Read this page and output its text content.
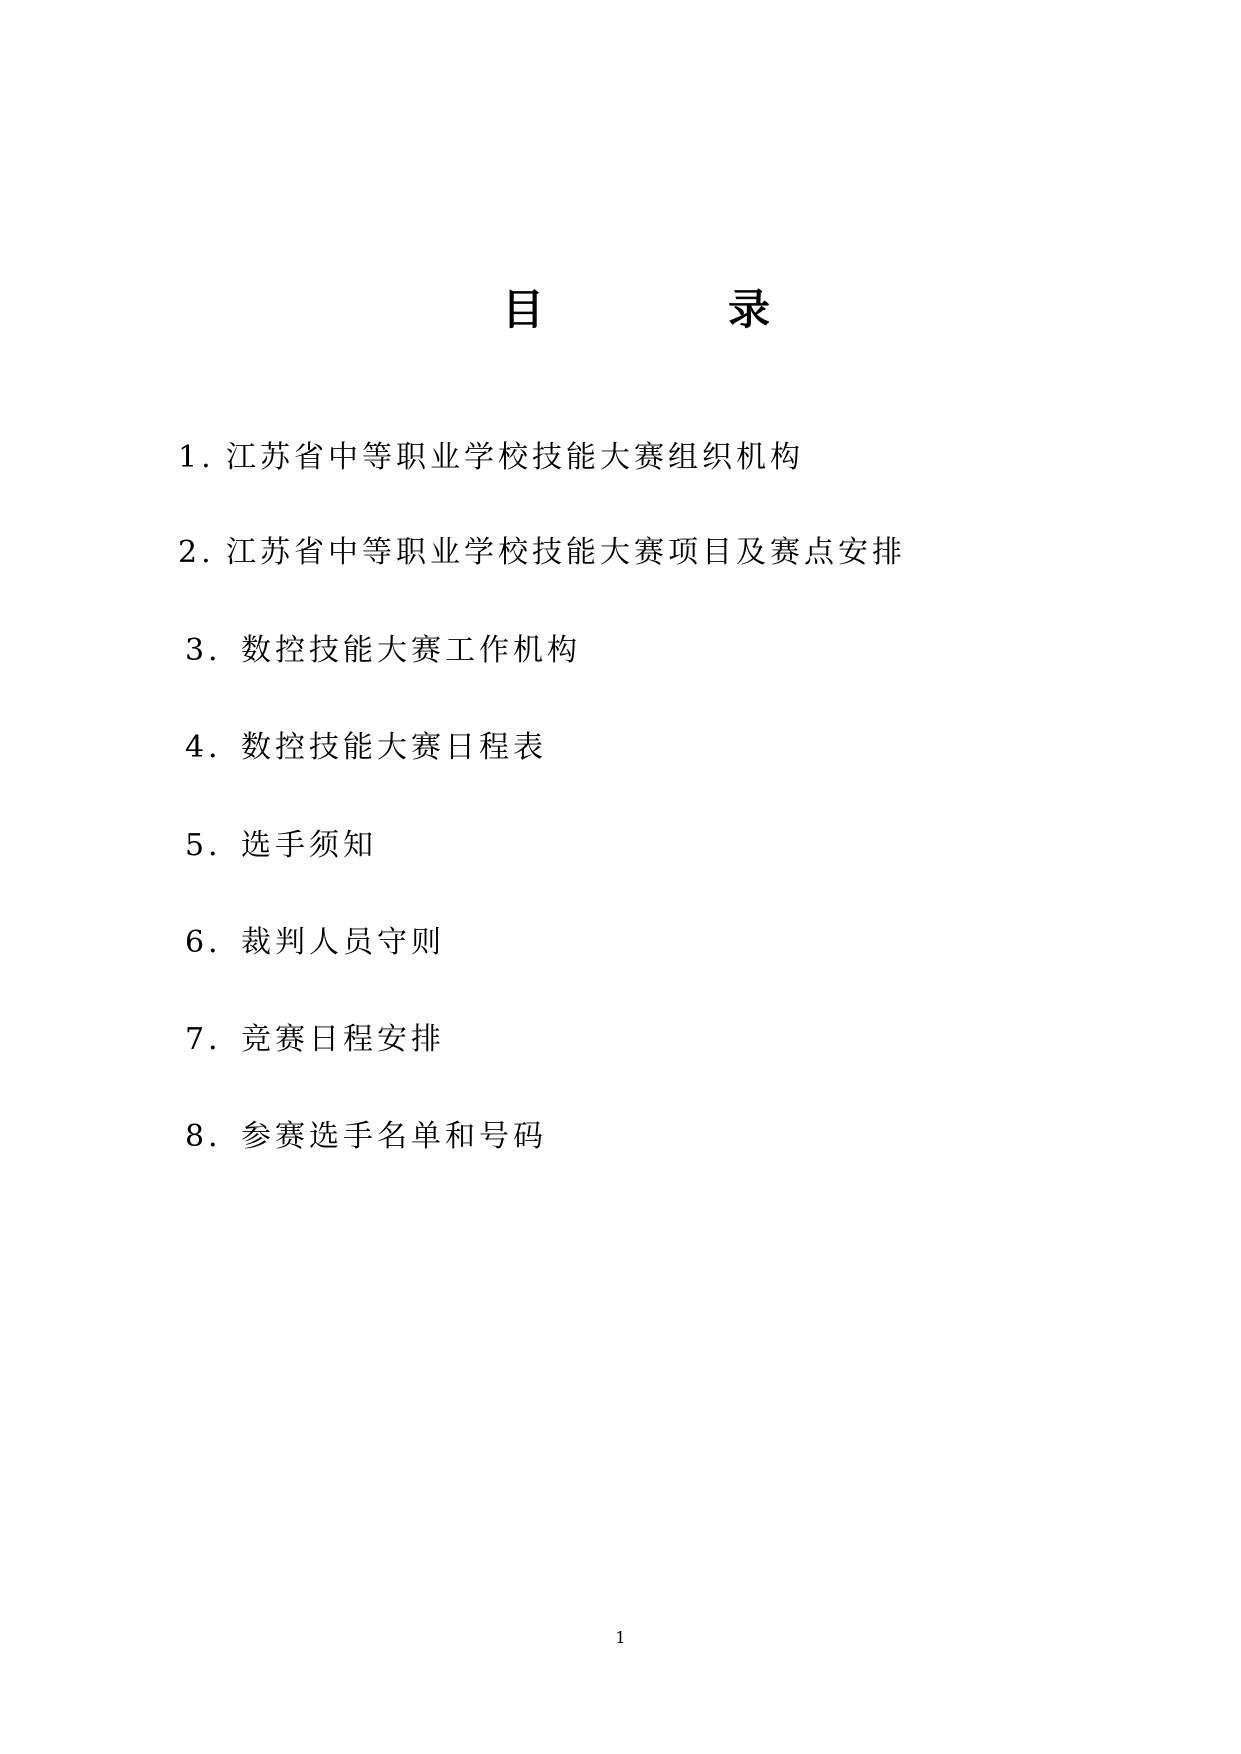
目	录
1. 江苏省中等职业学校技能大赛组织机构
2. 江苏省中等职业学校技能大赛项目及赛点安排
3．数控技能大赛工作机构
4．数控技能大赛日程表
5．选手须知
6．裁判人员守则
7．竞赛日程安排
8．参赛选手名单和号码
1
